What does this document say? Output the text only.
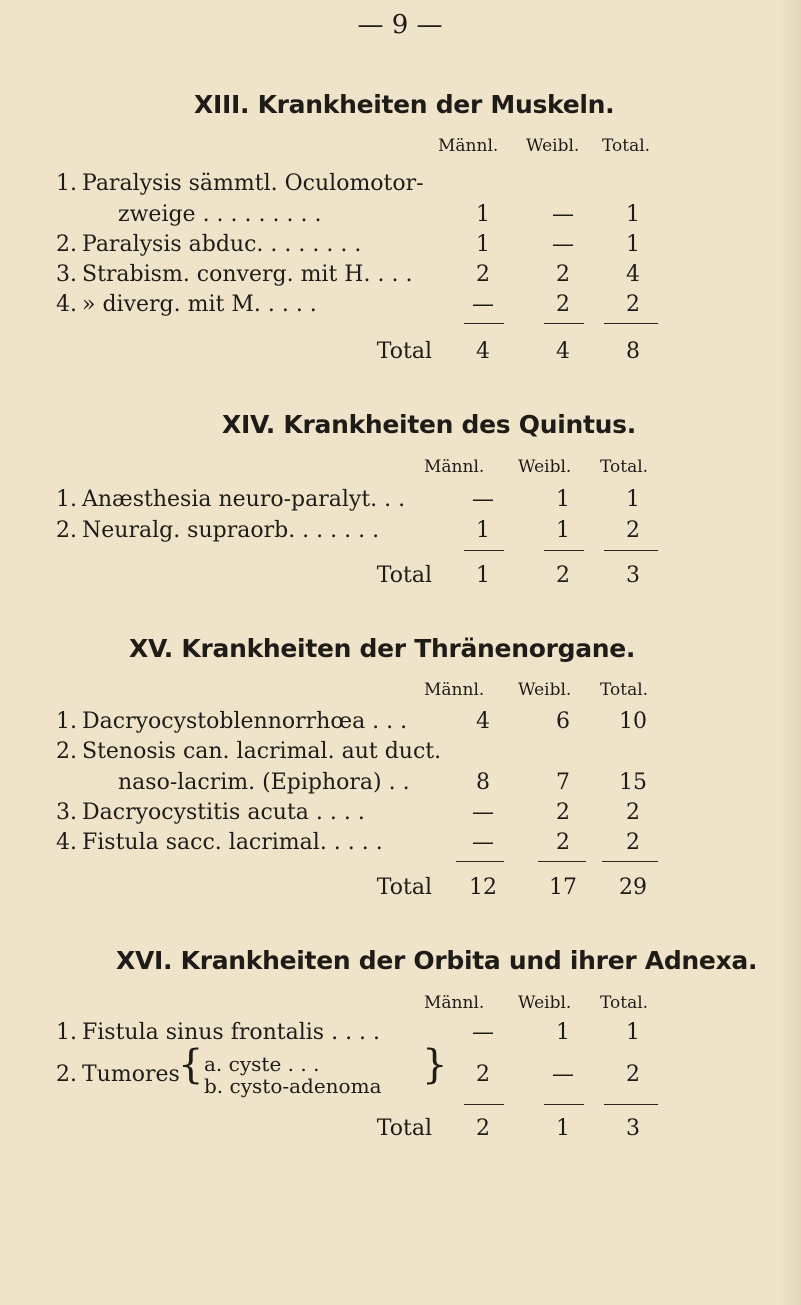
— 9 —
XIII. Krankheiten der Muskeln.
Männl. Weibl. Total.
1. Paralysis sämmtl. Oculomotor-
zweige . . . . . . . . .	1	—	1
2. Paralysis abduc. . . . . . . .	1	—	1
3. Strabism. converg. mit H. . . .	2	2	4
4. » diverg. mit M. . . . .	—	2	2
Total	4	4	8
XIV. Krankheiten des Quintus.
Männl. Weibl. Total.
1. Anæsthesia neuro-paralyt. . .	—	1	1
2. Neuralg. supraorb. . . . . . .	1	1	2
Total	1	2	3
XV. Krankheiten der Thränenorgane.
Männl. Weibl. Total.
1. Dacryocystoblennorrhœa . . .	4	6	10
2. Stenosis can. lacrimal. aut duct.
naso-lacrim. (Epiphora) . .	8	7	15
3. Dacryocystitis acuta . . . .	—	2	2
4. Fistula sacc. lacrimal. . . . .	—	2	2
Total	12	17	29
XVI. Krankheiten der Orbita und ihrer Adnexa.
Männl. Weibl. Total.
1. Fistula sinus frontalis . . . .	—	1	1
2. Tumores
{ a. cyste . . .
b. cysto-adenoma }	2	—	2
Total	2	1	3
